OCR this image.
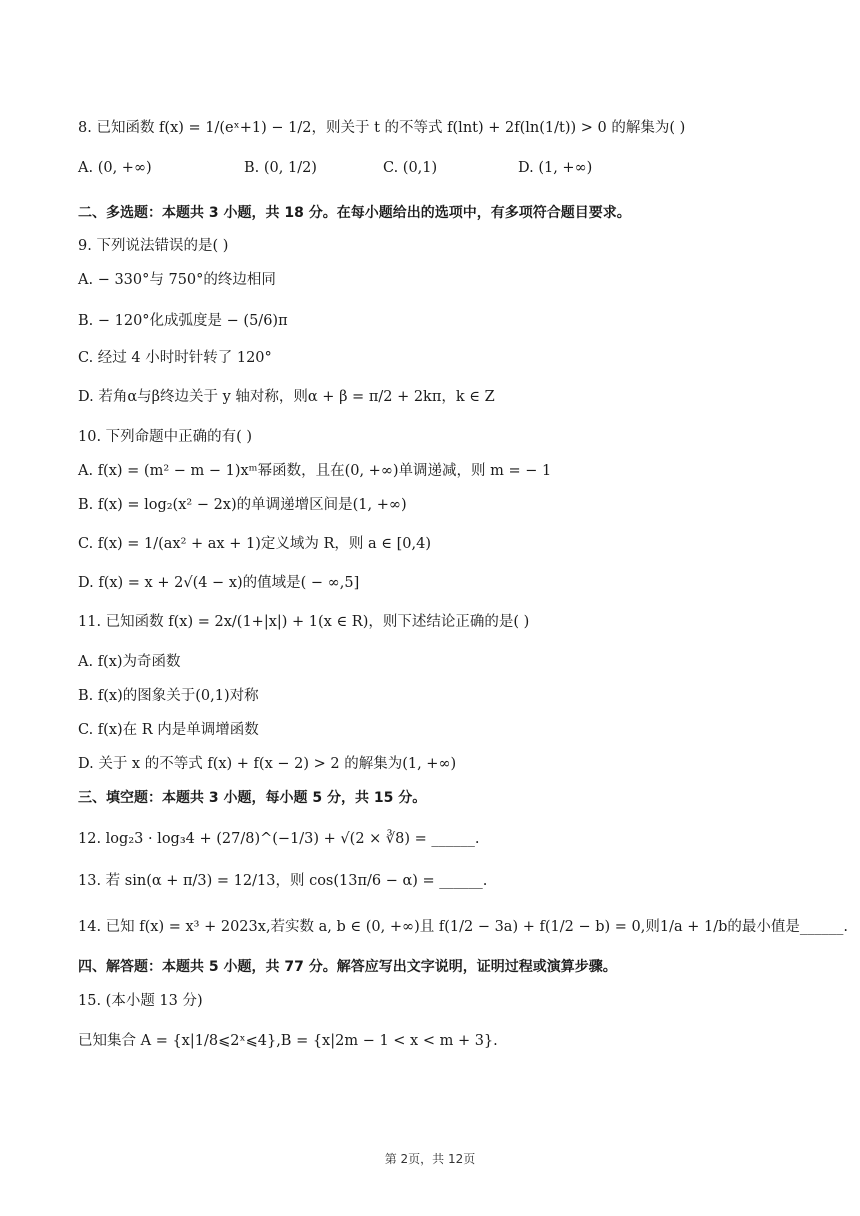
8. 已知函数 f(x) = 1/(eˣ+1) − 1/2，则关于 t 的不等式 f(lnt) + 2f(ln(1/t)) > 0 的解集为( )
A. (0, +∞)	B. (0, 1/2)	C. (0,1)	D. (1, +∞)
二、多选题：本题共 3 小题，共 18 分。在每小题给出的选项中，有多项符合题目要求。
9. 下列说法错误的是( )
A. − 330°与 750°的终边相同
B. − 120°化成弧度是 − (5/6)π
C. 经过 4 小时时针转了 120°
D. 若角α与β终边关于 y 轴对称，则α + β = π/2 + 2kπ，k ∈ Z
10. 下列命题中正确的有( )
A. f(x) = (m² − m − 1)xᵐ幂函数，且在(0, +∞)单调递减，则 m = − 1
B. f(x) = log₂(x² − 2x)的单调递增区间是(1, +∞)
C. f(x) = 1/(ax² + ax + 1)定义域为 R，则 a ∈ [0,4)
D. f(x) = x + 2√(4 − x)的值域是( − ∞,5]
11. 已知函数 f(x) = 2x/(1+|x|) + 1(x ∈ R)，则下述结论正确的是( )
A. f(x)为奇函数
B. f(x)的图象关于(0,1)对称
C. f(x)在 R 内是单调增函数
D. 关于 x 的不等式 f(x) + f(x − 2) > 2 的解集为(1, +∞)
三、填空题：本题共 3 小题，每小题 5 分，共 15 分。
12. log₂3 · log₃4 + (27/8)^(−1/3) + √(2 × ∛8) = ______.
13. 若 sin(α + π/3) = 12/13，则 cos(13π/6 − α) = ______.
14. 已知 f(x) = x³ + 2023x,若实数 a, b ∈ (0, +∞)且 f(1/2 − 3a) + f(1/2 − b) = 0,则1/a + 1/b的最小值是______.
四、解答题：本题共 5 小题，共 77 分。解答应写出文字说明，证明过程或演算步骤。
15. (本小题 13 分)
已知集合 A = {x|1/8⩽2ˣ⩽4},B = {x|2m − 1 < x < m + 3}.
第 2页，共 12页
